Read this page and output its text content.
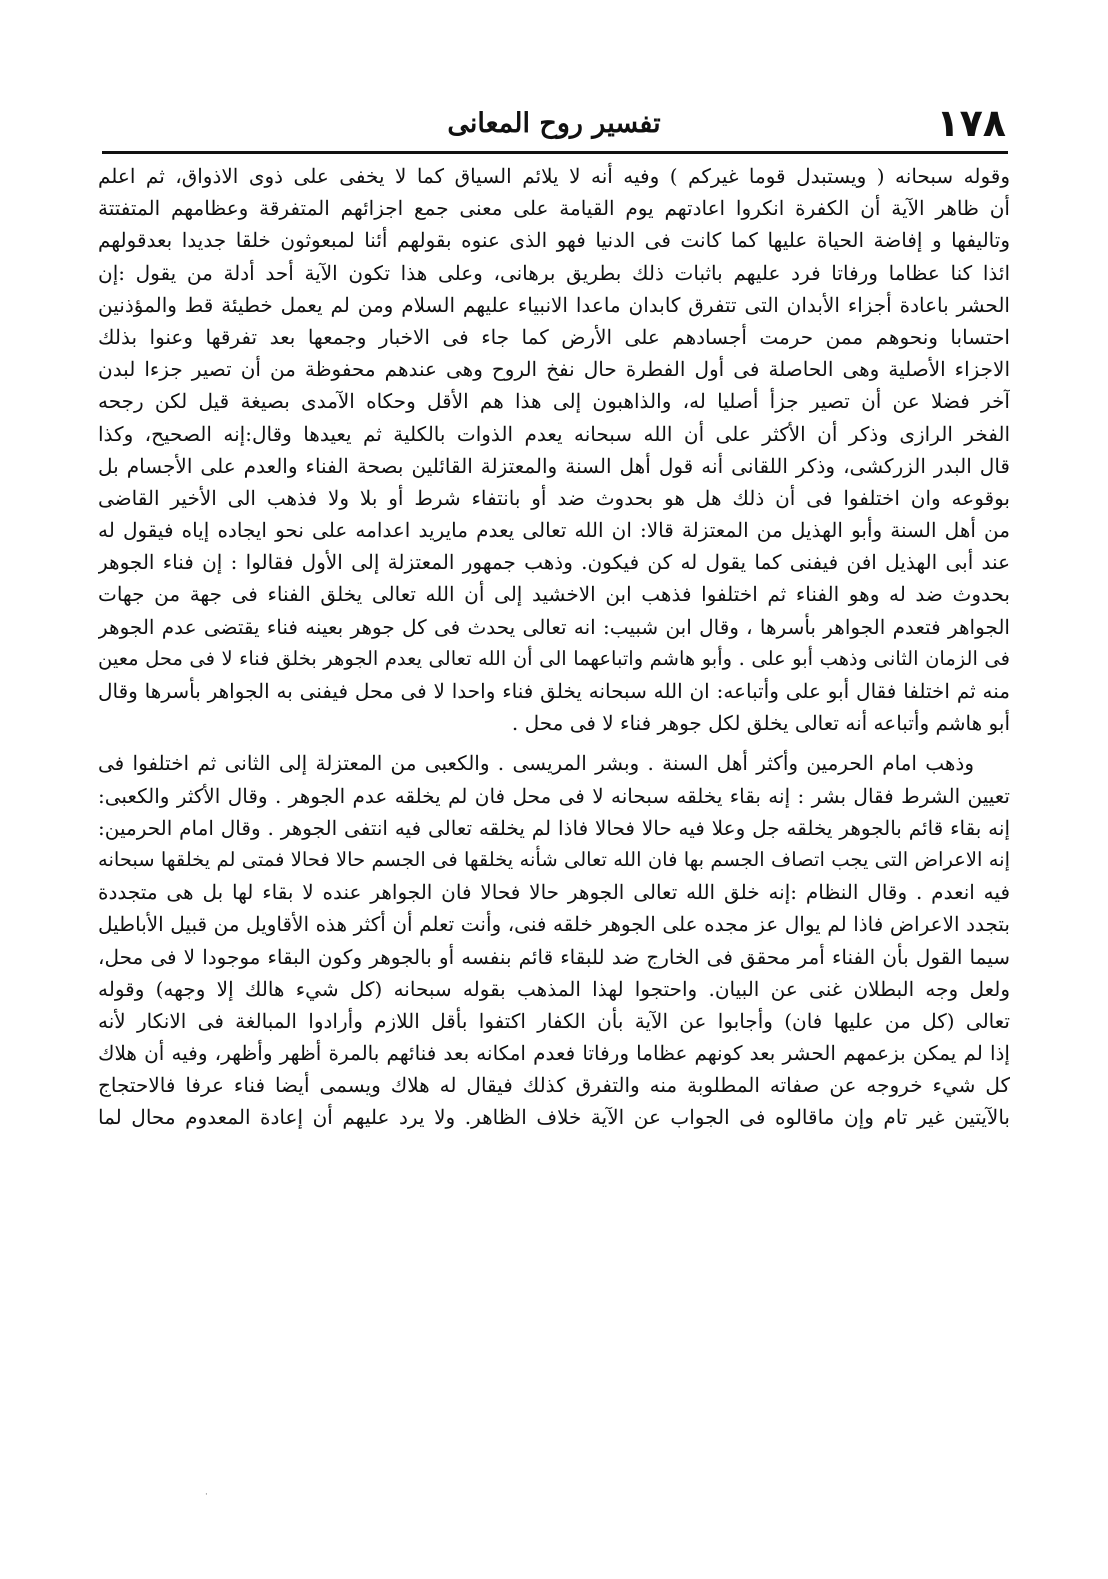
١٧٨
تفسير روح المعانى
وقوله سبحانه ( ويستبدل قوما غيركم ) وفيه أنه لا يلائم السياق كما لا يخفى على ذوى الاذواق، ثم اعلم
أن ظاهر الآية أن الكفرة انكروا اعادتهم يوم القيامة على معنى جمع اجزائهم المتفرقة وعظامهم المتفتتة
وتاليفها و إفاضة الحياة عليها كما كانت فى الدنيا فهو الذى عنوه بقولهم أئنا لمبعوثون خلقا جديدا بعدقولهم
ائذا كنا عظاما ورفاتا فرد عليهم باثبات ذلك بطريق برهانى، وعلى هذا تكون الآية أحد أدلة من يقول :إن
الحشر باعادة أجزاء الأبدان التى تتفرق كابدان ماعدا الانبياء عليهم السلام ومن لم يعمل خطيئة قط والمؤذنين
احتسابا ونحوهم ممن حرمت أجسادهم على الأرض كما جاء فى الاخبار وجمعها بعد تفرقها وعنوا بذلك
الاجزاء الأصلية وهى الحاصلة فى أول الفطرة حال نفخ الروح وهى عندهم محفوظة من أن تصير جزءا لبدن
آخر فضلا عن أن تصير جزأ أصليا له، والذاهبون إلى هذا هم الأقل وحكاه الآمدى بصيغة قيل لكن رجحه
الفخر الرازى وذكر أن الأكثر على أن الله سبحانه يعدم الذوات بالكلية ثم يعيدها وقال:إنه الصحيح، وكذا
قال البدر الزركشى، وذكر اللقانى أنه قول أهل السنة والمعتزلة القائلين بصحة الفناء والعدم على الأجسام بل
بوقوعه وان اختلفوا فى أن ذلك هل هو بحدوث ضد أو بانتفاء شرط أو بلا ولا فذهب الى الأخير القاضى
من أهل السنة وأبو الهذيل من المعتزلة قالا: ان الله تعالى يعدم مايريد اعدامه على نحو ايجاده إياه فيقول له
عند أبى الهذيل افن فيفنى كما يقول له كن فيكون. وذهب جمهور المعتزلة إلى الأول فقالوا : إن فناء الجوهر
بحدوث ضد له وهو الفناء ثم اختلفوا فذهب ابن الاخشيد إلى أن الله تعالى يخلق الفناء فى جهة من جهات
الجواهر فتعدم الجواهر بأسرها ، وقال ابن شبيب: انه تعالى يحدث فى كل جوهر بعينه فناء يقتضى عدم الجوهر
فى الزمان الثانى وذهب أبو على . وأبو هاشم واتباعهما الى أن الله تعالى يعدم الجوهر بخلق فناء لا فى محل معين
منه ثم اختلفا فقال أبو على وأتباعه: ان الله سبحانه يخلق فناء واحدا لا فى محل فيفنى به الجواهر بأسرها وقال
أبو هاشم وأتباعه أنه تعالى يخلق لكل جوهر فناء لا فى محل .
وذهب امام الحرمين وأكثر أهل السنة . وبشر المريسى . والكعبى من المعتزلة إلى الثانى ثم اختلفوا فى
تعيين الشرط فقال بشر : إنه بقاء يخلقه سبحانه لا فى محل فان لم يخلقه عدم الجوهر . وقال الأكثر والكعبى:
إنه بقاء قائم بالجوهر يخلقه جل وعلا فيه حالا فحالا فاذا لم يخلقه تعالى فيه انتفى الجوهر . وقال امام الحرمين:
إنه الاعراض التى يجب اتصاف الجسم بها فان الله تعالى شأنه يخلقها فى الجسم حالا فحالا فمتى لم يخلقها سبحانه
فيه انعدم . وقال النظام :إنه خلق الله تعالى الجوهر حالا فحالا فان الجواهر عنده لا بقاء لها بل هى متجددة
بتجدد الاعراض فاذا لم يوال عز مجده على الجوهر خلقه فنى، وأنت تعلم أن أكثر هذه الأقاويل من قبيل الأباطيل
سيما القول بأن الفناء أمر محقق فى الخارج ضد للبقاء قائم بنفسه أو بالجوهر وكون البقاء موجودا لا فى محل،
ولعل وجه البطلان غنى عن البيان. واحتجوا لهذا المذهب بقوله سبحانه (كل شيء هالك إلا وجهه) وقوله
تعالى (كل من عليها فان) وأجابوا عن الآية بأن الكفار اكتفوا بأقل اللازم وأرادوا المبالغة فى الانكار لأنه
إذا لم يمكن بزعمهم الحشر بعد كونهم عظاما ورفاتا فعدم امكانه بعد فنائهم بالمرة أظهر وأظهر، وفيه أن هلاك
كل شيء خروجه عن صفاته المطلوبة منه والتفرق كذلك فيقال له هلاك ويسمى أيضا فناء عرفا فالاحتجاج
بالآيتين غير تام وإن ماقالوه فى الجواب عن الآية خلاف الظاهر. ولا يرد عليهم أن إعادة المعدوم محال لما
·
